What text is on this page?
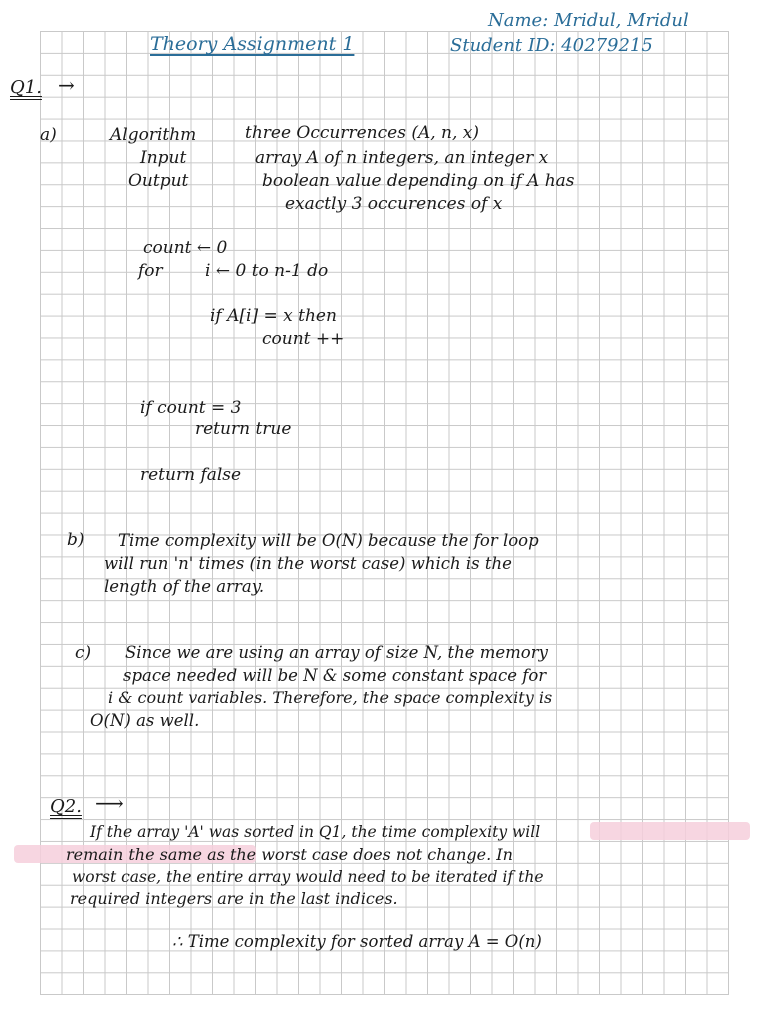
Name: Mridul, Mridul
Student ID: 40279215
Theory Assignment 1
Q1. →
a)	Algorithm	three Occurrences (A, n, x)
Input	array A of n integers, an integer x
Output	boolean value depending on if A has
exactly 3 occurences of x
count ← 0
for i ← 0 to n-1 do
if A[i] = x then
count ++
if count = 3
return true
return false
b) Time complexity will be O(N) because the for loop
will run 'n' times (in the worst case) which is the
length of the array.
c) Since we are using an array of size N, the memory
space needed will be N & some constant space for
i & count variables. Therefore, the space complexity is
O(N) as well.
Q2. ⟶
If the array 'A' was sorted in Q1, the time complexity will
remain the same as the worst case does not change. In
worst case, the entire array would need to be iterated if the
required integers are in the last indices.
∴ Time complexity for sorted array A = O(n)
